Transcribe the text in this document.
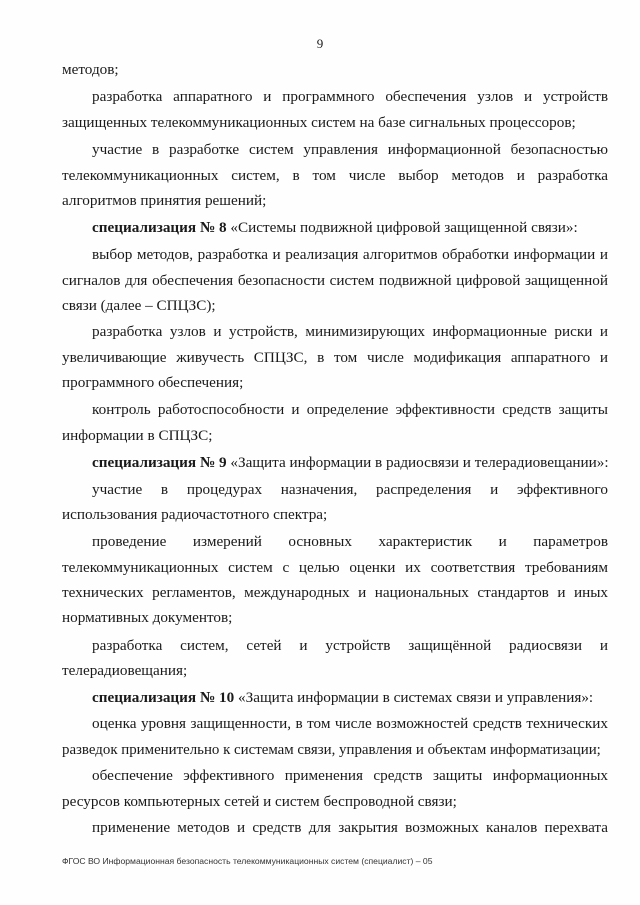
9
методов;
разработка аппаратного и программного обеспечения узлов и устройств
защищенных телекоммуникационных систем на базе сигнальных процессоров;
участие в разработке систем управления информационной безопасностью
телекоммуникационных систем, в том числе выбор методов и разработка
алгоритмов принятия решений;
специализация № 8 «Системы подвижной цифровой защищенной связи»:
выбор методов, разработка и реализация алгоритмов обработки информации и
сигналов для обеспечения безопасности систем подвижной цифровой защищенной
связи (далее – СПЦЗС);
разработка узлов и устройств, минимизирующих информационные риски и
увеличивающие живучесть СПЦЗС, в том числе модификация аппаратного и
программного обеспечения;
контроль работоспособности и определение эффективности средств защиты
информации в СПЦЗС;
специализация № 9 «Защита информации в радиосвязи и телерадиовещании»:
участие в процедурах назначения, распределения и эффективного
использования радиочастотного спектра;
проведение измерений основных характеристик и параметров
телекоммуникационных систем с целью оценки их соответствия требованиям
технических регламентов, международных и национальных стандартов и иных
нормативных документов;
разработка систем, сетей и устройств защищённой радиосвязи и
телерадиовещания;
специализация № 10 «Защита информации в системах связи и управления»:
оценка уровня защищенности, в том числе возможностей средств технических
разведок применительно к системам связи, управления и объектам информатизации;
обеспечение эффективного применения средств защиты информационных
ресурсов компьютерных сетей и систем беспроводной связи;
применение методов и средств для закрытия возможных каналов перехвата
ФГОС ВО Информационная безопасность телекоммуникационных систем (специалист) – 05
